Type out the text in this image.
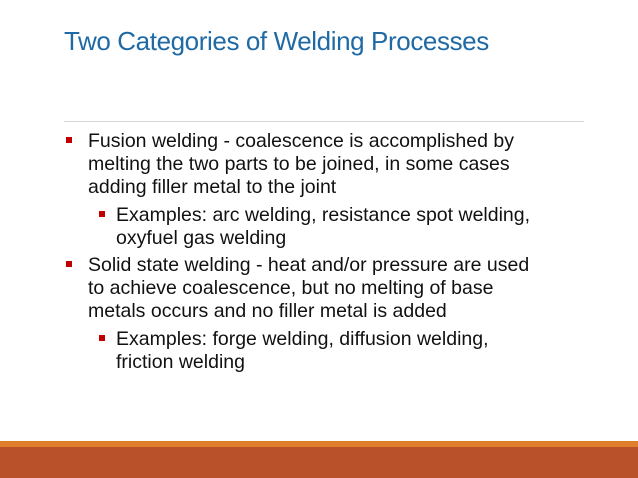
Two Categories of Welding Processes
Fusion welding - coalescence is accomplished by
melting the two parts to be joined, in some cases
adding filler metal to the joint
Examples: arc welding, resistance spot welding,
oxyfuel gas welding
Solid state welding - heat and/or pressure are used
to achieve coalescence, but no melting of base
metals occurs and no filler metal is added
Examples: forge welding, diffusion welding,
friction welding
